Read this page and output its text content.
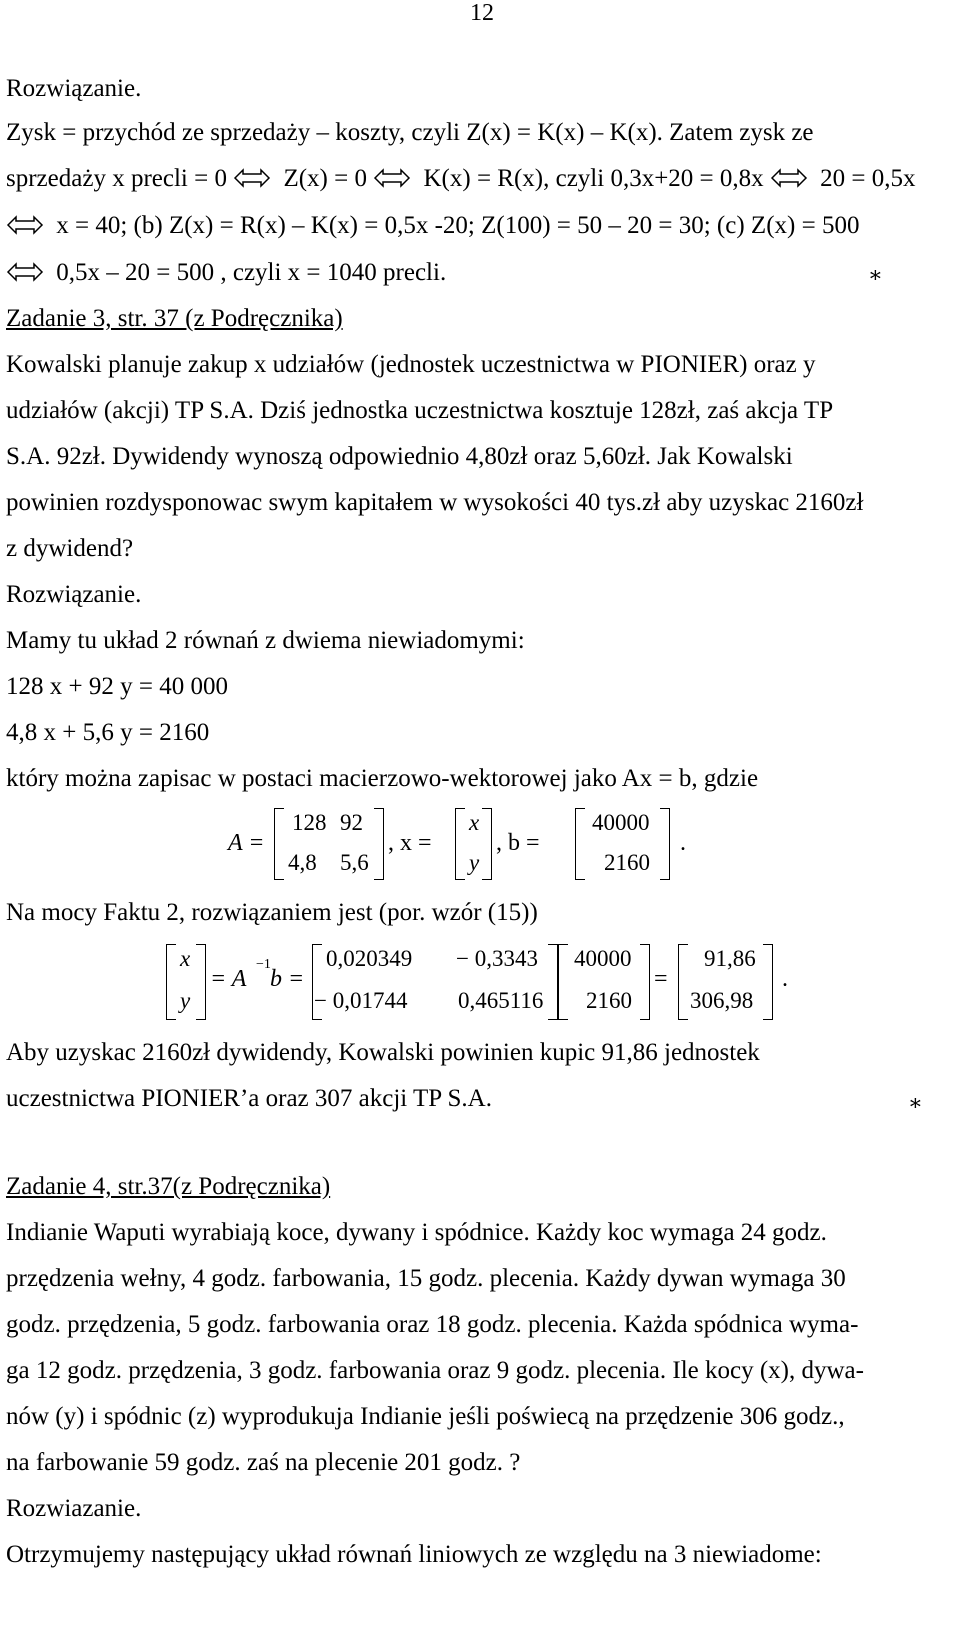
12
Rozwiązanie.
Zysk = przychód ze sprzedaży – koszty, czyli Z(x) = K(x) – K(x). Zatem zysk ze
sprzedaży x precli = 0
Z(x) = 0
K(x) = R(x), czyli 0,3x+20 = 0,8x
20 = 0,5x
x = 40; (b) Z(x) = R(x) – K(x) = 0,5x -20; Z(100) = 50 – 20 = 30; (c) Z(x) = 500
0,5x – 20 = 500 , czyli x = 1040 precli.	∗
Zadanie 3, str. 37 (z Podręcznika)
Kowalski planuje zakup x udziałów (jednostek uczestnictwa w PIONIER) oraz y
udziałów (akcji) TP S.A. Dziś jednostka uczestnictwa kosztuje 128zł, zaś akcja TP
S.A. 92zł. Dywidendy wynoszą odpowiednio 4,80zł oraz 5,60zł. Jak Kowalski
powinien rozdysponowac swym kapitałem w wysokości 40 tys.zł aby uzyskac 2160zł
z dywidend?
Rozwiązanie.
Mamy tu układ 2 równań z dwiema niewiadomymi:
128 x + 92 y = 40 000
4,8 x + 5,6 y = 2160
który można zapisac w postaci macierzowo-wektorowej jako Ax = b, gdzie
A =
128 92
4,8 5,6
, x =
x
y
, b =
40000
2160
.
Na mocy Faktu 2, rozwiązaniem jest (por. wzór (15))
x
y
= A
−1
b =
0,020349 − 0,3343
− 0,01744 0,465116
40000
2160
=
91,86
306,98
.
Aby uzyskac 2160zł dywidendy, Kowalski powinien kupic 91,86 jednostek
uczestnictwa PIONIER’a oraz 307 akcji TP S.A.	∗
Zadanie 4, str.37(z Podręcznika)
Indianie Waputi wyrabiają koce, dywany i spódnice. Każdy koc wymaga 24 godz.
przędzenia wełny, 4 godz. farbowania, 15 godz. plecenia. Każdy dywan wymaga 30
godz. przędzenia, 5 godz. farbowania oraz 18 godz. plecenia. Każda spódnica wyma-
ga 12 godz. przędzenia, 3 godz. farbowania oraz 9 godz. plecenia. Ile kocy (x), dywa-
nów (y) i spódnic (z) wyprodukuja Indianie jeśli poświecą na przędzenie 306 godz.,
na farbowanie 59 godz. zaś na plecenie 201 godz. ?
Rozwiazanie.
Otrzymujemy następujący układ równań liniowych ze względu na 3 niewiadome:
